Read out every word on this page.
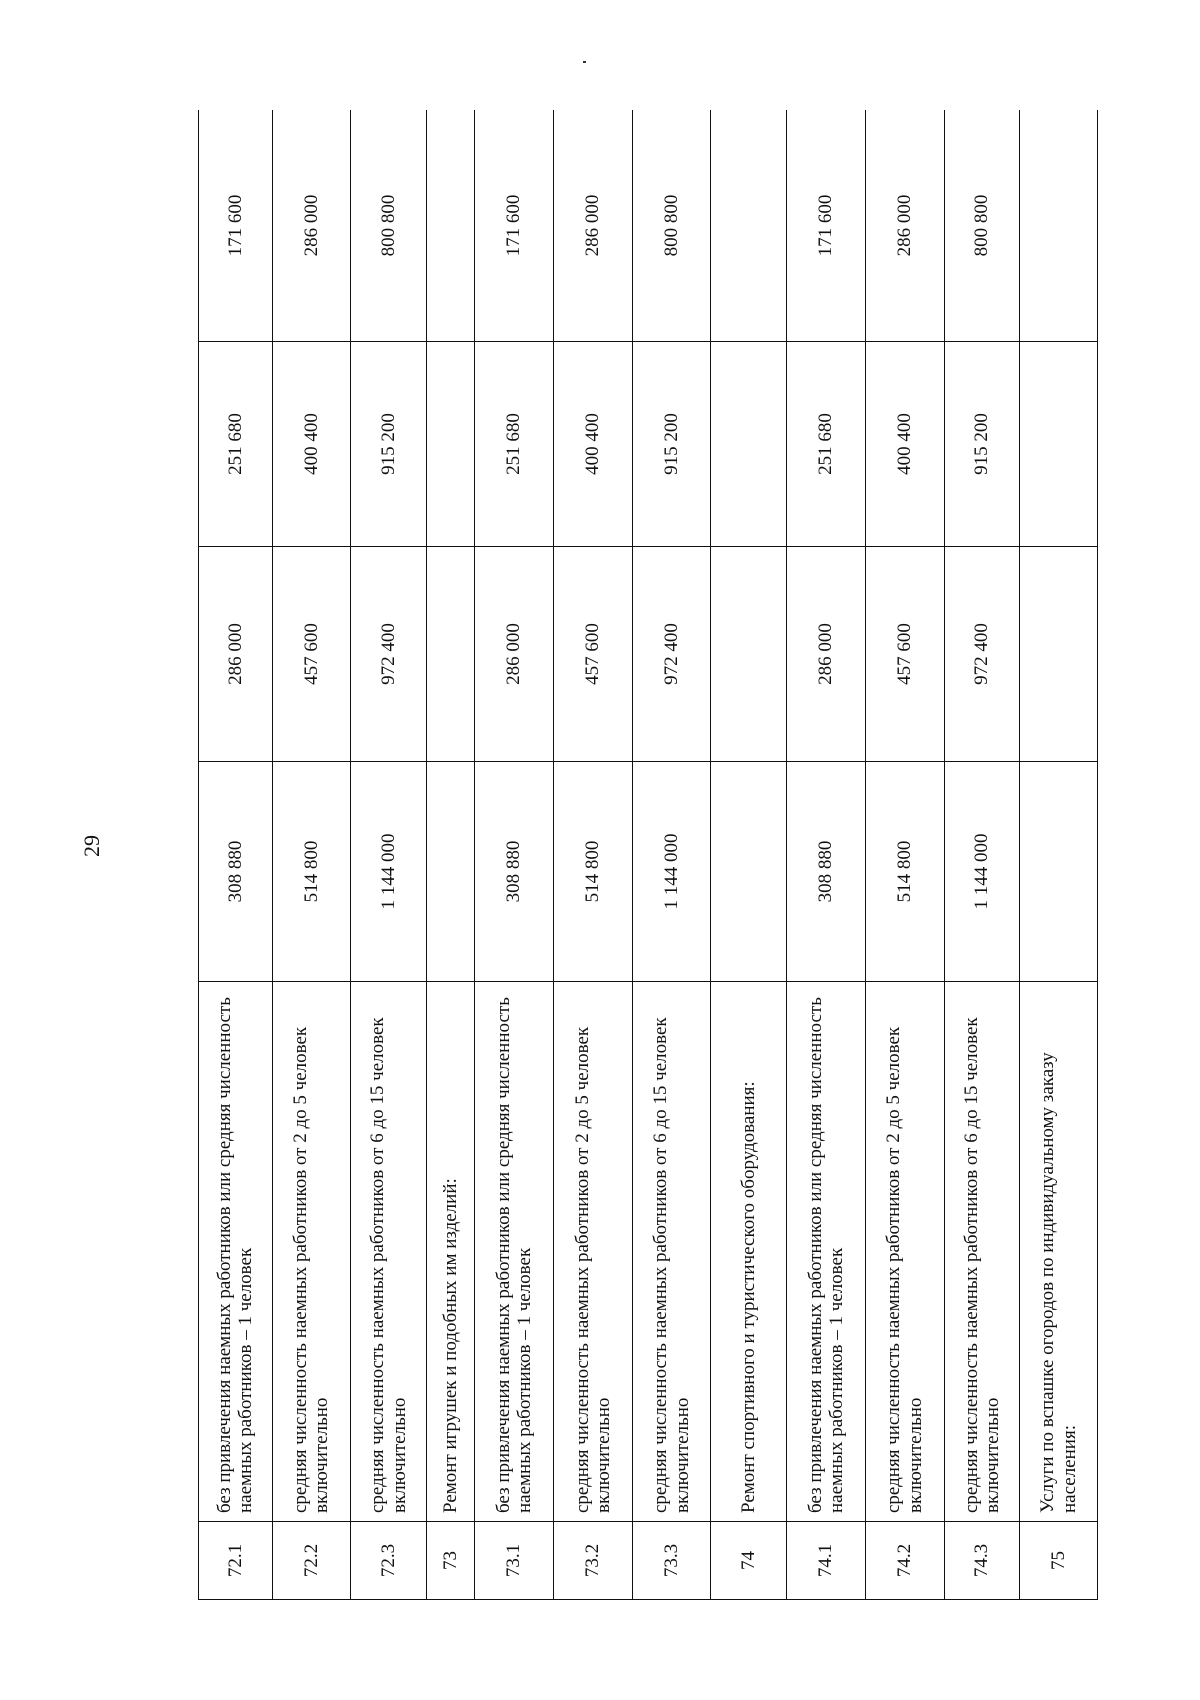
29
72.1	без привлечения наемных работников или средняя численность наемных работников – 1 человек	308 880	286 000	251 680	171 600
72.2	средняя численность наемных работников от 2 до 5 человек включительно	514 800	457 600	400 400	286 000
72.3	средняя численность наемных работников от 6 до 15 человек включительно	1 144 000	972 400	915 200	800 800
73	Ремонт игрушек и подобных им изделий:				
73.1	без привлечения наемных работников или средняя численность наемных работников – 1 человек	308 880	286 000	251 680	171 600
73.2	средняя численность наемных работников от 2 до 5 человек включительно	514 800	457 600	400 400	286 000
73.3	средняя численность наемных работников от 6 до 15 человек включительно	1 144 000	972 400	915 200	800 800
74	Ремонт спортивного и туристического оборудования:				
74.1	без привлечения наемных работников или средняя численность наемных работников – 1 человек	308 880	286 000	251 680	171 600
74.2	средняя численность наемных работников от 2 до 5 человек включительно	514 800	457 600	400 400	286 000
74.3	средняя численность наемных работников от 6 до 15 человек включительно	1 144 000	972 400	915 200	800 800
75	Услуги по вспашке огородов по индивидуальному заказу населения:				
